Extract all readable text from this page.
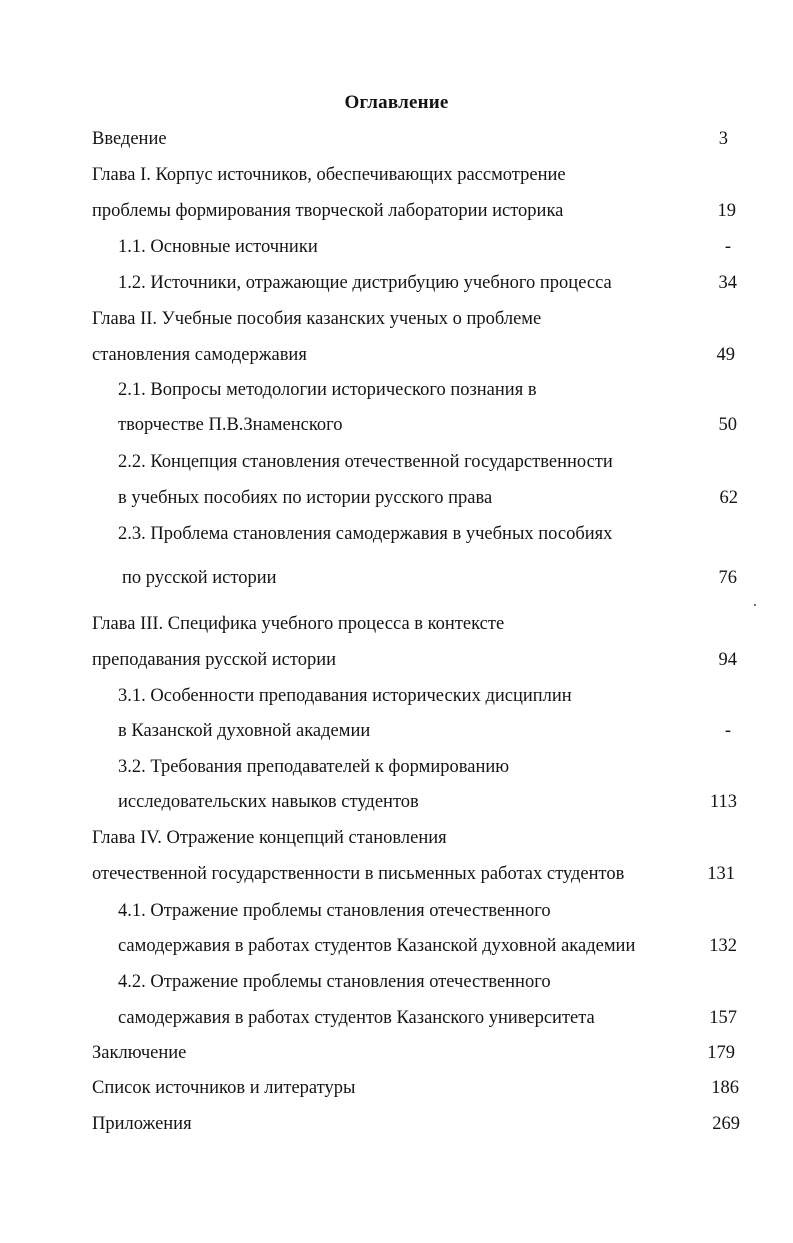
Оглавление
Введение	3
Глава I. Корпус источников, обеспечивающих рассмотрение
проблемы формирования творческой лаборатории историка	19
1.1. Основные источники	-
1.2. Источники, отражающие дистрибуцию учебного процесса	34
Глава II. Учебные пособия казанских ученых о проблеме
становления самодержавия	49
2.1. Вопросы методологии исторического познания в
творчестве П.В.Знаменского	50
2.2. Концепция становления отечественной государственности
в учебных пособиях по истории русского права	62
2.3. Проблема становления самодержавия в учебных пособиях
по русской истории	76
Глава III. Специфика учебного процесса в контексте
преподавания русской истории	94
3.1. Особенности преподавания исторических дисциплин
в Казанской духовной академии	-
3.2. Требования преподавателей к формированию
исследовательских навыков студентов	113
Глава IV. Отражение концепций становления
отечественной государственности в письменных работах студентов	131
4.1. Отражение проблемы становления отечественного
самодержавия в работах студентов Казанской духовной академии	132
4.2. Отражение проблемы становления отечественного
самодержавия в работах студентов Казанского университета	157
Заключение	179
Список источников и литературы	186
Приложения	269
